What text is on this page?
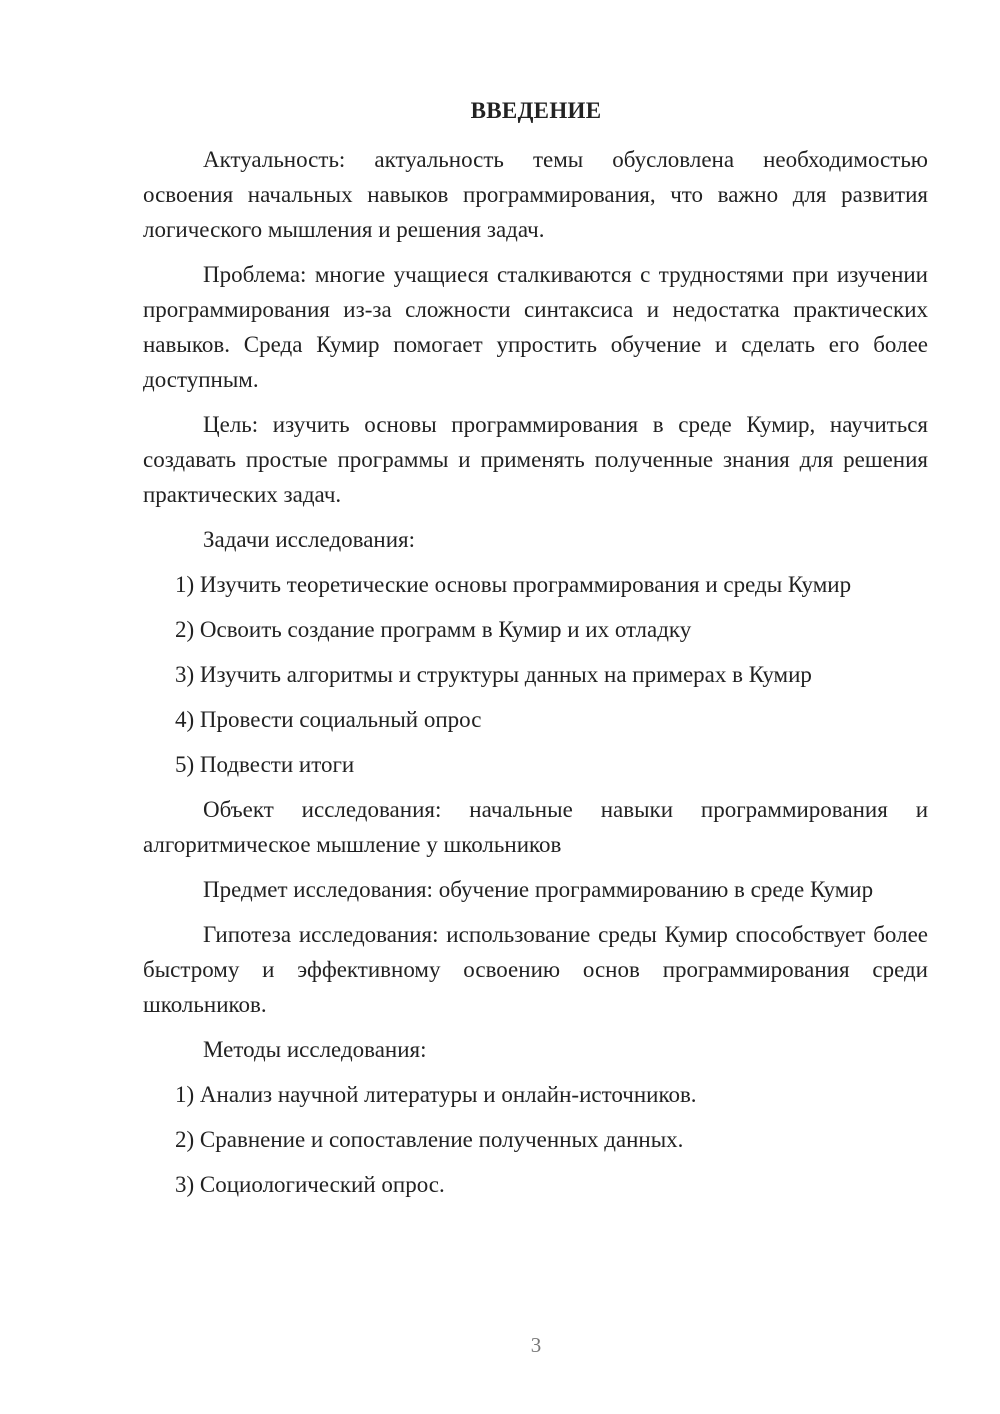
ВВЕДЕНИЕ

Актуальность: актуальность темы обусловлена необходимостью освоения начальных навыков программирования, что важно для развития логического мышления и решения задач.

Проблема: многие учащиеся сталкиваются с трудностями при изучении программирования из-за сложности синтаксиса и недостатка практических навыков. Среда Кумир помогает упростить обучение и сделать его более доступным.

Цель: изучить основы программирования в среде Кумир, научиться создавать простые программы и применять полученные знания для решения практических задач.

Задачи исследования:

1) Изучить теоретические основы программирования и среды Кумир
2) Освоить создание программ в Кумир и их отладку
3) Изучить алгоритмы и структуры данных на примерах в Кумир
4) Провести социальный опрос
5) Подвести итоги

Объект исследования: начальные навыки программирования и алгоритмическое мышление у школьников

Предмет исследования: обучение программированию в среде Кумир

Гипотеза исследования: использование среды Кумир способствует более быстрому и эффективному освоению основ программирования среди школьников.

Методы исследования:

1) Анализ научной литературы и онлайн-источников.
2) Сравнение и сопоставление полученных данных.
3) Социологический опрос.
3
